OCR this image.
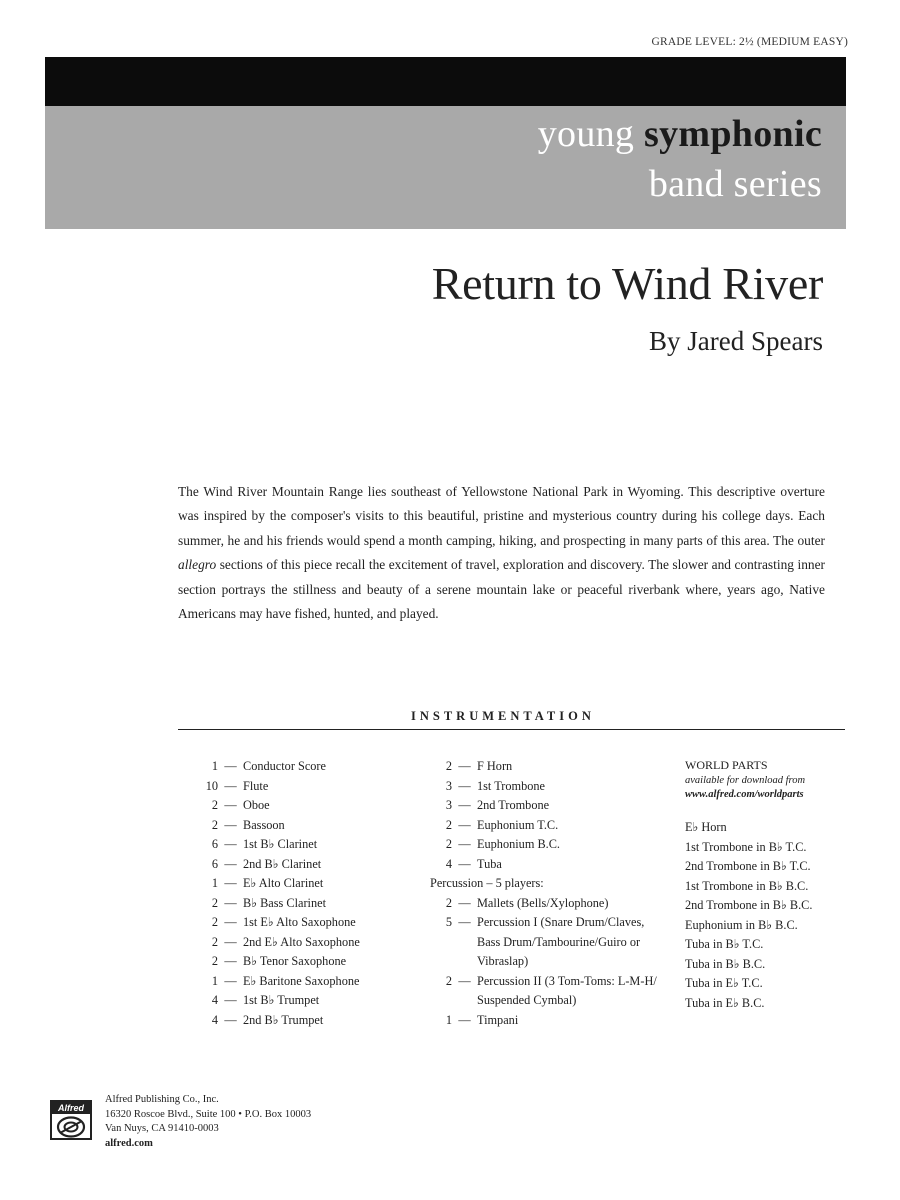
GRADE LEVEL: 2½ (MEDIUM EASY)
young symphonic
band series
Return to Wind River
By Jared Spears
The Wind River Mountain Range lies southeast of Yellowstone National Park in Wyoming. This descriptive overture was inspired by the composer's visits to this beautiful, pristine and mysterious country during his college days. Each summer, he and his friends would spend a month camping, hiking, and prospecting in many parts of this area. The outer allegro sections of this piece recall the excitement of travel, exploration and discovery. The slower and contrasting inner section portrays the stillness and beauty of a serene mountain lake or peaceful riverbank where, years ago, Native Americans may have fished, hunted, and played.
INSTRUMENTATION
1 — Conductor Score
10 — Flute
2 — Oboe
2 — Bassoon
6 — 1st B♭ Clarinet
6 — 2nd B♭ Clarinet
1 — E♭ Alto Clarinet
2 — B♭ Bass Clarinet
2 — 1st E♭ Alto Saxophone
2 — 2nd E♭ Alto Saxophone
2 — B♭ Tenor Saxophone
1 — E♭ Baritone Saxophone
4 — 1st B♭ Trumpet
4 — 2nd B♭ Trumpet
2 — F Horn
3 — 1st Trombone
3 — 2nd Trombone
2 — Euphonium T.C.
2 — Euphonium B.C.
4 — Tuba
Percussion – 5 players:
2 — Mallets (Bells/Xylophone)
5 — Percussion I (Snare Drum/Claves,
Bass Drum/Tambourine/Guiro or
Vibraslap)
2 — Percussion II (3 Tom-Toms: L-M-H/
Suspended Cymbal)
1 — Timpani
WORLD PARTS
available for download from
www.alfred.com/worldparts
E♭ Horn
1st Trombone in B♭ T.C.
2nd Trombone in B♭ T.C.
1st Trombone in B♭ B.C.
2nd Trombone in B♭ B.C.
Euphonium in B♭ B.C.
Tuba in B♭ T.C.
Tuba in B♭ B.C.
Tuba in E♭ T.C.
Tuba in E♭ B.C.
Alfred
Alfred Publishing Co., Inc.
16320 Roscoe Blvd., Suite 100 • P.O. Box 10003
Van Nuys, CA 91410-0003
alfred.com
